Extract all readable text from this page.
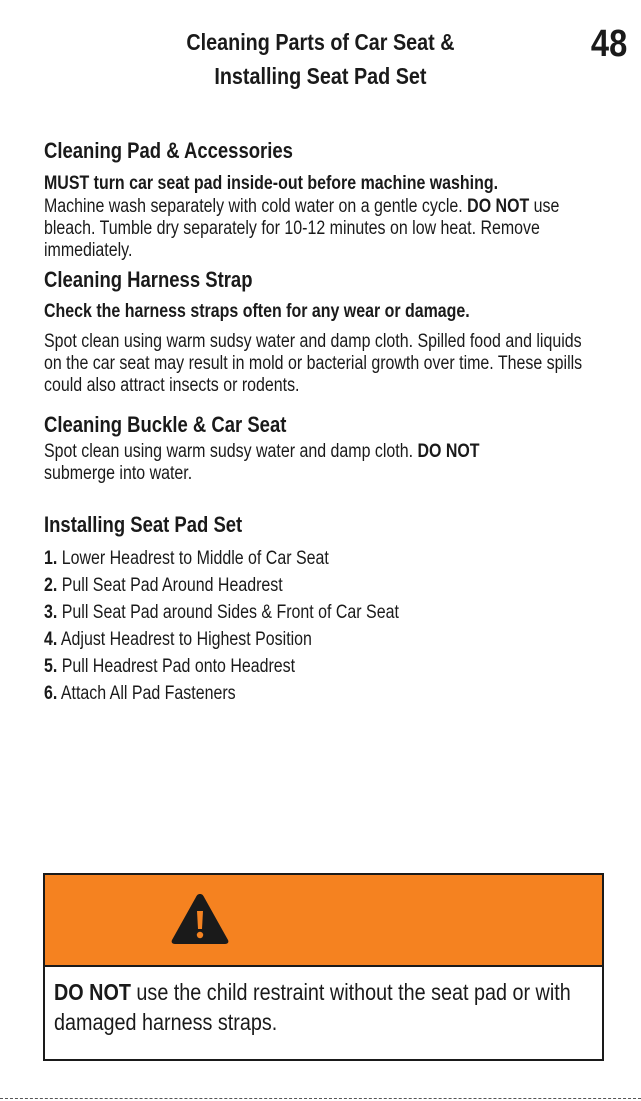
Cleaning Parts of Car Seat &
Installing Seat Pad Set
48
Cleaning Pad & Accessories

MUST turn car seat pad inside-out before machine washing.

Machine wash separately with cold water on a gentle cycle. DO NOT use bleach. Tumble dry separately for 10-12 minutes on low heat. Remove immediately.

Cleaning Harness Strap

Check the harness straps often for any wear or damage.

Spot clean using warm sudsy water and damp cloth. Spilled food and liquids on the car seat may result in mold or bacterial growth over time. These spills could also attract insects or rodents.

Cleaning Buckle & Car Seat

Spot clean using warm sudsy water and damp cloth. DO NOT
submerge into water.

Installing Seat Pad Set
1. Lower Headrest to Middle of Car Seat
2. Pull Seat Pad Around Headrest
3. Pull Seat Pad around Sides & Front of Car Seat
4. Adjust Headrest to Highest Position
5. Pull Headrest Pad onto Headrest
6. Attach All Pad Fasteners
DO NOT use the child restraint without the seat pad or with damaged harness straps.
